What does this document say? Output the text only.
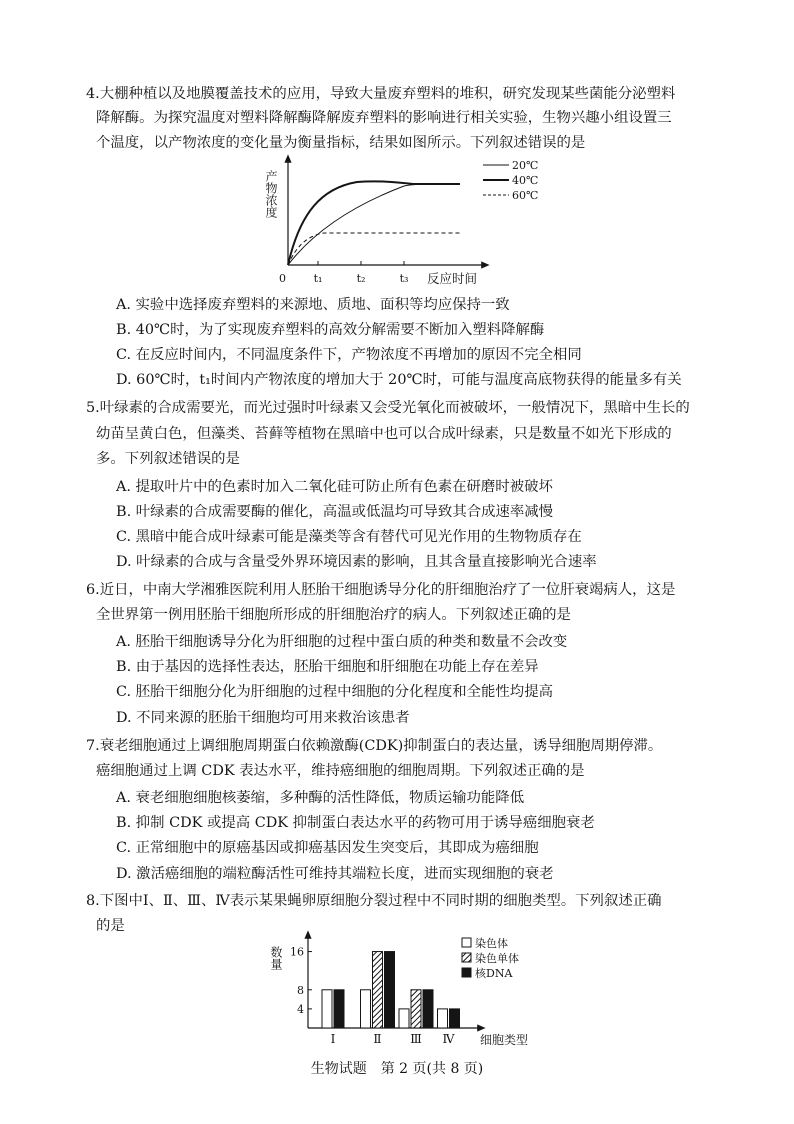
4.大棚种植以及地膜覆盖技术的应用，导致大量废弃塑料的堆积，研究发现某些菌能分泌塑料
降解酶。为探究温度对塑料降解酶降解废弃塑料的影响进行相关实验，生物兴趣小组设置三
个温度，以产物浓度的变化量为衡量指标，结果如图所示。下列叙述错误的是
产物浓度
0	t₁	t₂	t₃ 反应时间
20℃
40℃
60℃
A. 实验中选择废弃塑料的来源地、质地、面积等均应保持一致
B. 40℃时，为了实现废弃塑料的高效分解需要不断加入塑料降解酶
C. 在反应时间内，不同温度条件下，产物浓度不再增加的原因不完全相同
D. 60℃时，t₁时间内产物浓度的增加大于 20℃时，可能与温度高底物获得的能量多有关
5.叶绿素的合成需要光，而光过强时叶绿素又会受光氧化而被破坏，一般情况下，黑暗中生长的
幼苗呈黄白色，但藻类、苔藓等植物在黑暗中也可以合成叶绿素，只是数量不如光下形成的
多。下列叙述错误的是
A. 提取叶片中的色素时加入二氧化硅可防止所有色素在研磨时被破坏
B. 叶绿素的合成需要酶的催化，高温或低温均可导致其合成速率减慢
C. 黑暗中能合成叶绿素可能是藻类等含有替代可见光作用的生物物质存在
D. 叶绿素的合成与含量受外界环境因素的影响，且其含量直接影响光合速率
6.近日，中南大学湘雅医院利用人胚胎干细胞诱导分化的肝细胞治疗了一位肝衰竭病人，这是
全世界第一例用胚胎干细胞所形成的肝细胞治疗的病人。下列叙述正确的是
A. 胚胎干细胞诱导分化为肝细胞的过程中蛋白质的种类和数量不会改变
B. 由于基因的选择性表达，胚胎干细胞和肝细胞在功能上存在差异
C. 胚胎干细胞分化为肝细胞的过程中细胞的分化程度和全能性均提高
D. 不同来源的胚胎干细胞均可用来救治该患者
7.衰老细胞通过上调细胞周期蛋白依赖激酶(CDK)抑制蛋白的表达量，诱导细胞周期停滞。
癌细胞通过上调 CDK 表达水平，维持癌细胞的细胞周期。下列叙述正确的是
A. 衰老细胞细胞核萎缩，多种酶的活性降低，物质运输功能降低
B. 抑制 CDK 或提高 CDK 抑制蛋白表达水平的药物可用于诱导癌细胞衰老
C. 正常细胞中的原癌基因或抑癌基因发生突变后，其即成为癌细胞
D. 激活癌细胞的端粒酶活性可维持其端粒长度，进而实现细胞的衰老
8.下图中Ⅰ、Ⅱ、Ⅲ、Ⅳ表示某果蝇卵原细胞分裂过程中不同时期的细胞类型。下列叙述正确
的是
数量
4
8
16
Ⅰ	Ⅱ Ⅲ Ⅳ 细胞类型
染色体
染色单体
核DNA
生物试题　第 2 页(共 8 页)
